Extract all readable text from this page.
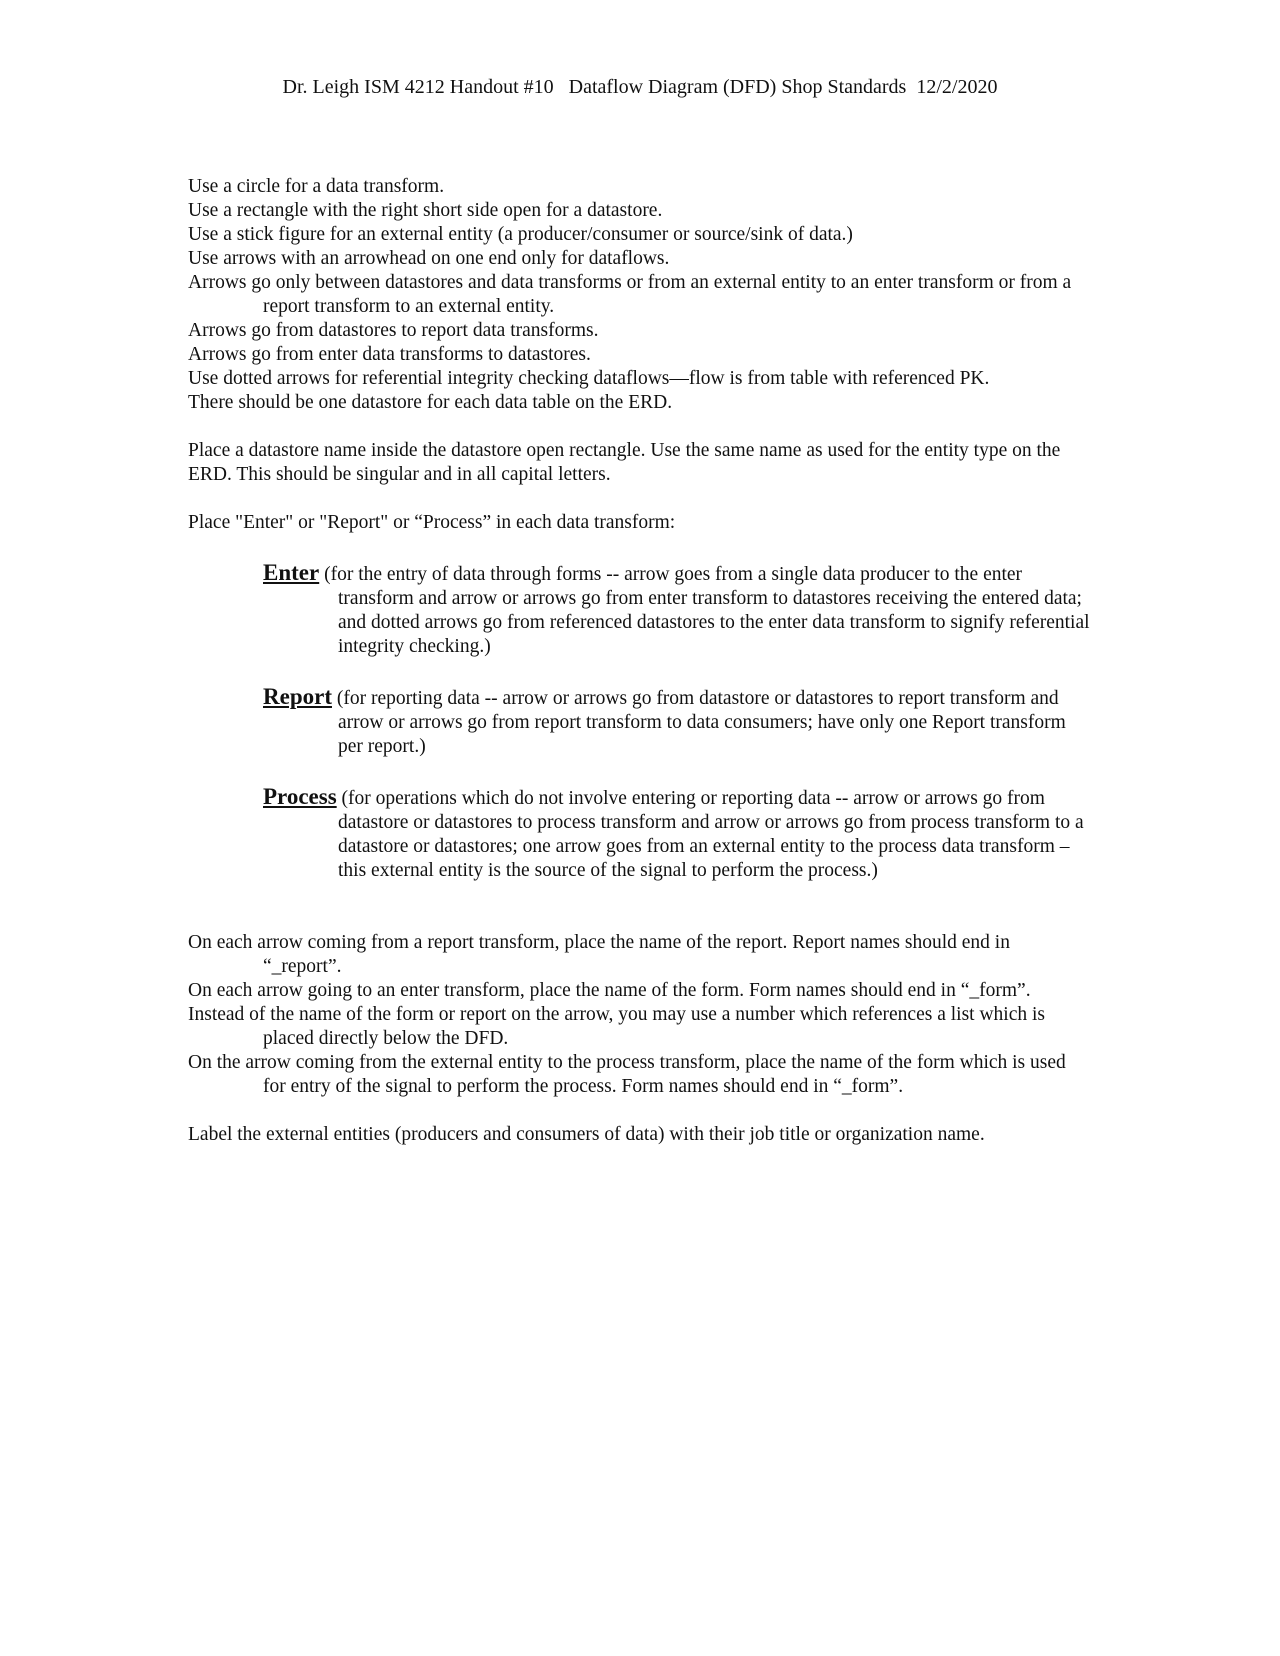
Dr. Leigh ISM 4212 Handout #10   Dataflow Diagram (DFD) Shop Standards  12/2/2020

Use a circle for a data transform.

Use a rectangle with the right short side open for a datastore.

Use a stick figure for an external entity (a producer/consumer or source/sink of data.)

Use arrows with an arrowhead on one end only for dataflows.

Arrows go only between datastores and data transforms or from an external entity to an enter transform or from a report transform to an external entity.

Arrows go from datastores to report data transforms.

Arrows go from enter data transforms to datastores.

Use dotted arrows for referential integrity checking dataflows—flow is from table with referenced PK.

There should be one datastore for each data table on the ERD.

Place a datastore name inside the datastore open rectangle. Use the same name as used for the entity type on the ERD. This should be singular and in all capital letters.

Place "Enter" or "Report" or “Process” in each data transform:

Enter (for the entry of data through forms -- arrow goes from a single data producer to the enter transform and arrow or arrows go from enter transform to datastores receiving the entered data; and dotted arrows go from referenced datastores to the enter data transform to signify referential integrity checking.)

Report (for reporting data -- arrow or arrows go from datastore or datastores to report transform and arrow or arrows go from report transform to data consumers; have only one Report transform per report.)

Process (for operations which do not involve entering or reporting data -- arrow or arrows go from datastore or datastores to process transform and arrow or arrows go from process transform to a datastore or datastores; one arrow goes from an external entity to the process data transform – this external entity is the source of the signal to perform the process.)

On each arrow coming from a report transform, place the name of the report. Report names should end in “_report”.

On each arrow going to an enter transform, place the name of the form. Form names should end in “_form”.

Instead of the name of the form or report on the arrow, you may use a number which references a list which is placed directly below the DFD.

On the arrow coming from the external entity to the process transform, place the name of the form which is used for entry of the signal to perform the process. Form names should end in “_form”.

Label the external entities (producers and consumers of data) with their job title or organization name.
